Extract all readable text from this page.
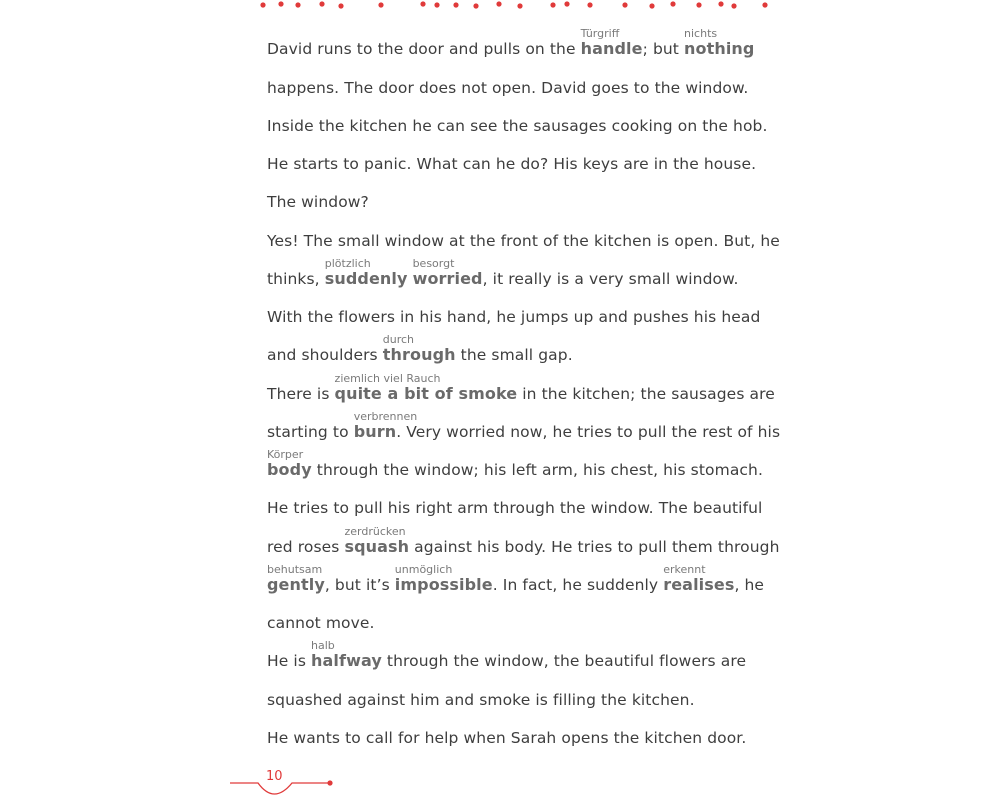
David runs to the door and pulls on the handle
Türgriff
; but nothing
nichts
happens. The door does not open. David goes to the window.
Inside the kitchen he can see the sausages cooking on the hob.
He starts to panic. What can he do? His keys are in the house.
The window?
Yes! The small window at the front of the kitchen is open. But, he
thinks, suddenly
plötzlich
worried
besorgt
, it really is a very small window.
With the flowers in his hand, he jumps up and pushes his head
and shoulders through
durch
the small gap.
There is quite a bit of smoke
ziemlich viel Rauch
in the kitchen; the sausages are
starting to burn
verbrennen
. Very worried now, he tries to pull the rest of his
body
Körper
through the window; his left arm, his chest, his stomach.
He tries to pull his right arm through the window. The beautiful
red roses squash
zerdrücken
against his body. He tries to pull them through
gently
behutsam
, but it’s impossible
unmöglich
. In fact, he suddenly realises
erkennt
, he
cannot move.
He is halfway
halb
through the window, the beautiful flowers are
squashed against him and smoke is filling the kitchen.
He wants to call for help when Sarah opens the kitchen door.
10
